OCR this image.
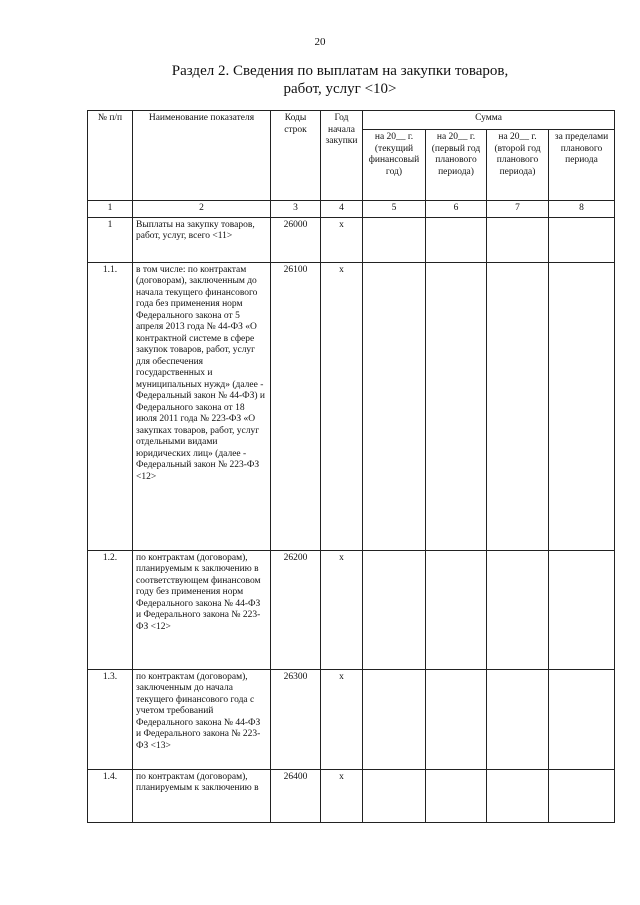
20
Раздел 2. Сведения по выплатам на закупки товаров,
работ, услуг <10>
№ п/п	Наименование показателя	Коды строк	Год начала закупки	Сумма			
				на 20__ г. (текущий финансовый год)	на 20__ г. (первый год планового периода)	на 20__ г. (второй год планового периода)	за пределами планового периода
1	2	3	4	5	6	7	8
1	Выплаты на закупку товаров, работ, услуг, всего <11>	26000	x				
1.1.	в том числе: по контрактам (договорам), заключенным до начала текущего финансового года без применения норм Федерального закона от 5 апреля 2013 года № 44-ФЗ «О контрактной системе в сфере закупок товаров, работ, услуг для обеспечения государственных и муниципальных нужд» (далее - Федеральный закон № 44-ФЗ) и Федерального закона от 18 июля 2011 года № 223-ФЗ «О закупках товаров, работ, услуг отдельными видами юридических лиц» (далее - Федеральный закон № 223-ФЗ <12>	26100	x				
1.2.	по контрактам (договорам), планируемым к заключению в соответствующем финансовом году без применения норм Федерального закона № 44-ФЗ и Федерального закона № 223-ФЗ <12>	26200	x				
1.3.	по контрактам (договорам), заключенным до начала текущего финансового года с учетом требований Федерального закона № 44-ФЗ и Федерального закона № 223-ФЗ <13>	26300	x				
1.4.	по контрактам (договорам), планируемым к заключению в	26400	x				
